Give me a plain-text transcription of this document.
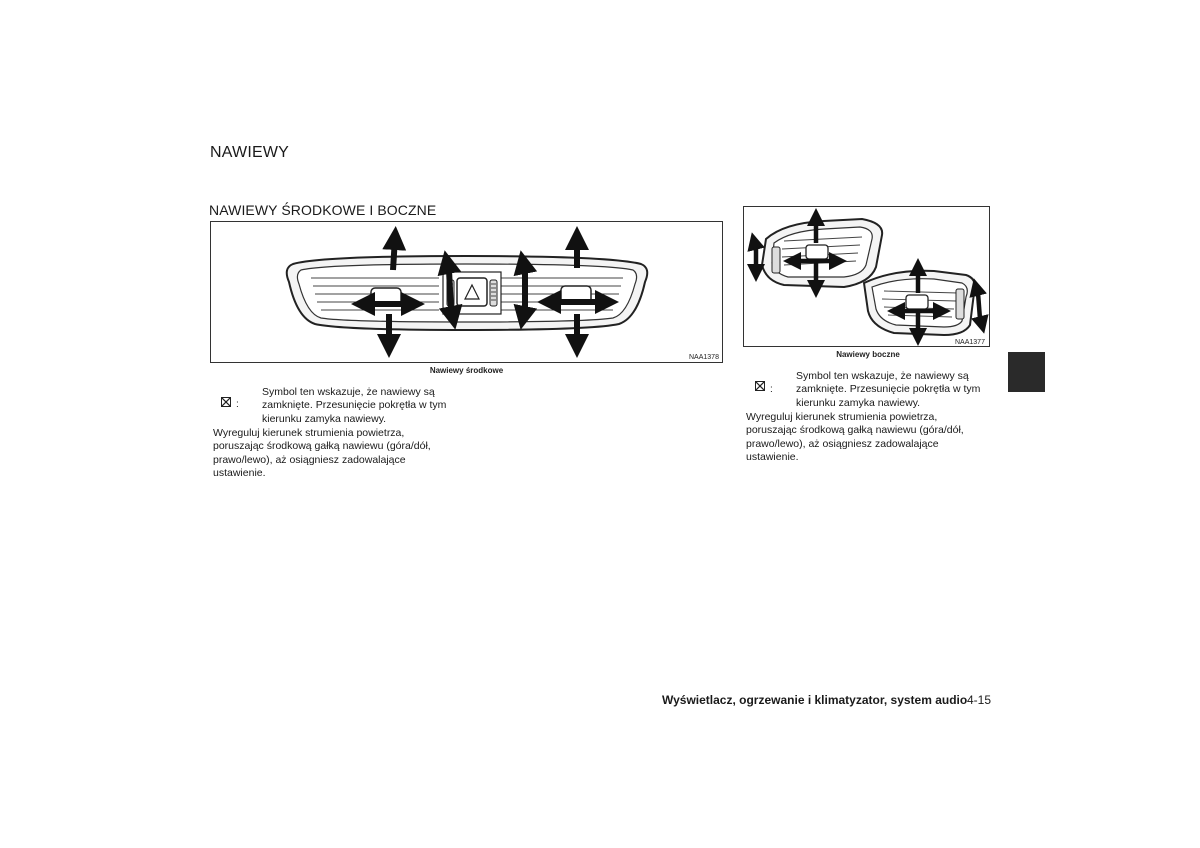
NAWIEWY
NAWIEWY ŚRODKOWE I BOCZNE
NAA1378
Nawiewy środkowe
NAA1377
Nawiewy boczne
:
Symbol ten wskazuje, że nawiewy są
zamknięte. Przesunięcie pokrętła w tym
kierunku zamyka nawiewy.
Wyreguluj kierunek strumienia powietrza,
poruszając środkową gałką nawiewu (góra/dół,
prawo/lewo), aż osiągniesz zadowalające
ustawienie.
:
Symbol ten wskazuje, że nawiewy są
zamknięte. Przesunięcie pokrętła w tym
kierunku zamyka nawiewy.
Wyreguluj kierunek strumienia powietrza,
poruszając środkową gałką nawiewu (góra/dół,
prawo/lewo), aż osiągniesz zadowalające
ustawienie.
Wyświetlacz, ogrzewanie i klimatyzator, system audio 4-15
